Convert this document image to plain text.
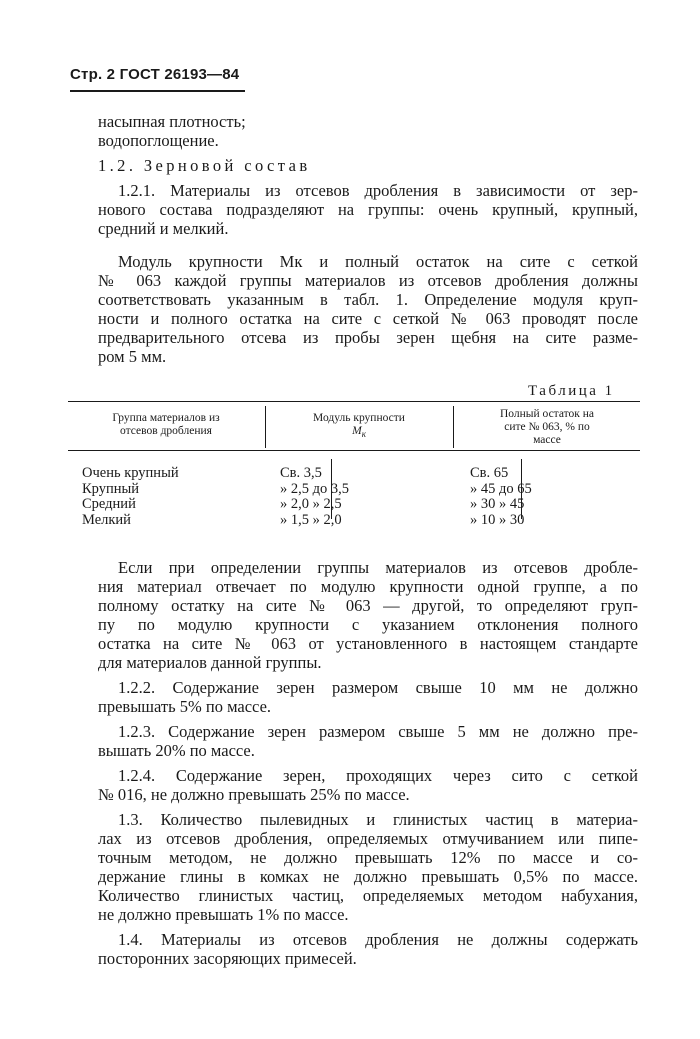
Стр. 2 ГОСТ 26193—84
насыпная плотность;
водопоглощение.
1.2. Зерновой состав
1.2.1. Материалы из отсевов дробления в зависимости от зер-
нового состава подразделяют на группы: очень крупный, крупный,
средний и мелкий.
Модуль крупности Мк и полный остаток на сите с сеткой
№ 063 каждой группы материалов из отсевов дробления должны
соответствовать указанным в табл. 1. Определение модуля круп-
ности и полного остатка на сите с сеткой № 063 проводят после
предварительного отсева из пробы зерен щебня на сите разме-
ром 5 мм.
Таблица 1
Группа материалов из
отсевов дробления
Модуль крупности
$М_к$
Полный остаток на
сите № 063, % по
массе
Очень крупный
Крупный
Средний
Мелкий
Св. 3,5
» 2,5 до 3,5
» 2,0 » 2,5
» 1,5 » 2,0
Св. 65
» 45 до 65
» 30 » 45
» 10 » 30
Если при определении группы материалов из отсевов дробле-
ния материал отвечает по модулю крупности одной группе, а по
полному остатку на сите № 063 — другой, то определяют груп-
пу по модулю крупности с указанием отклонения полного
остатка на сите № 063 от установленного в настоящем стандарте
для материалов данной группы.
1.2.2. Содержание зерен размером свыше 10 мм не должно
превышать 5% по массе.
1.2.3. Содержание зерен размером свыше 5 мм не должно пре-
вышать 20% по массе.
1.2.4. Содержание зерен, проходящих через сито с сеткой
№ 016, не должно превышать 25% по массе.
1.3. Количество пылевидных и глинистых частиц в материа-
лах из отсевов дробления, определяемых отмучиванием или пипе-
точным методом, не должно превышать 12% по массе и со-
держание глины в комках не должно превышать 0,5% по массе.
Количество глинистых частиц, определяемых методом набухания,
не должно превышать 1% по массе.
1.4. Материалы из отсевов дробления не должны содержать
посторонних засоряющих примесей.
